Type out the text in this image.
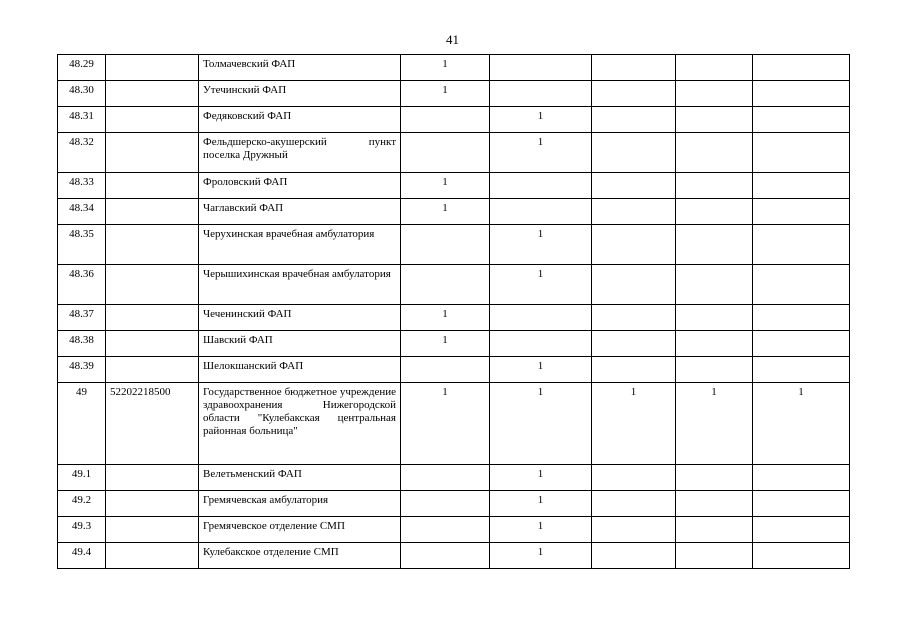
41
48.29		Толмачевский ФАП	1				
48.30		Утечинский ФАП	1				
48.31		Федяковский ФАП		1			
48.32		Фельдшерско-акушерский пункт поселка Дружный		1			
48.33		Фроловский ФАП	1				
48.34		Чаглавский ФАП	1				
48.35		Черухинская врачебная амбулатория		1			
48.36		Черышихинская врачебная амбулатория		1			
48.37		Чеченинский ФАП	1				
48.38		Шавский ФАП	1				
48.39		Шелокшанский ФАП		1			
49	52202218500	Государственное бюджетное учреждение здравоохранения Нижегородской области "Кулебакская центральная районная больница"	1	1	1	1	1
49.1		Велетьменский ФАП		1			
49.2		Гремячевская амбулатория		1			
49.3		Гремячевское отделение СМП		1			
49.4		Кулебакское отделение СМП		1			
